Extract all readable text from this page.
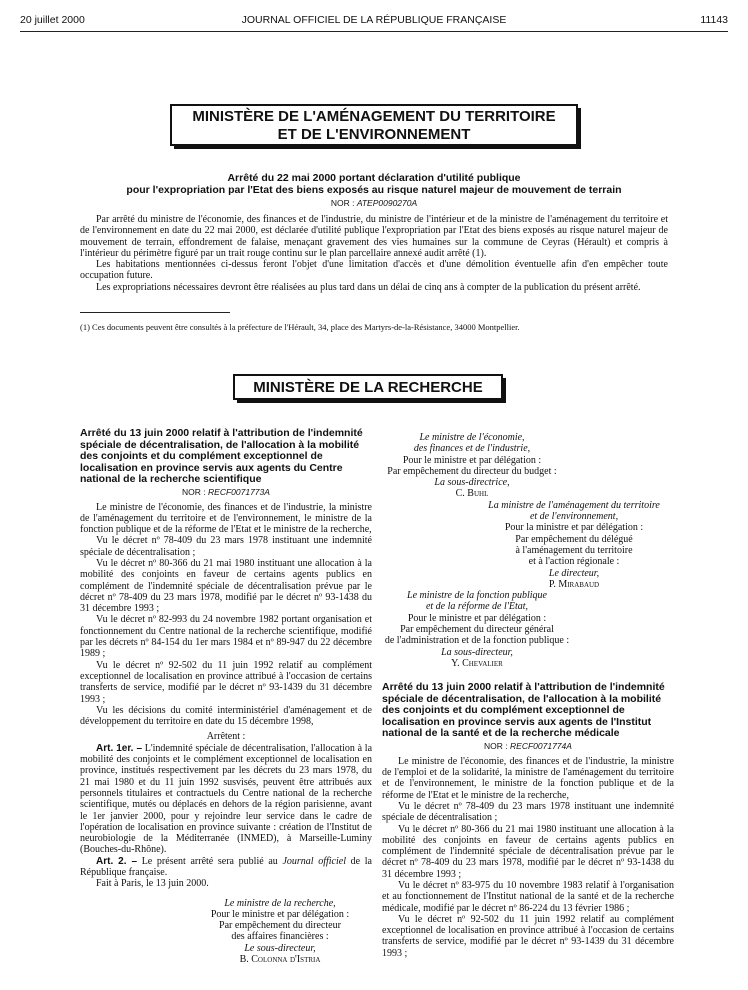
20 juillet 2000	JOURNAL OFFICIEL DE LA RÉPUBLIQUE FRANÇAISE	11143
MINISTÈRE DE L'AMÉNAGEMENT DU TERRITOIRE
ET DE L'ENVIRONNEMENT
Arrêté du 22 mai 2000 portant déclaration d'utilité publique
pour l'expropriation par l'Etat des biens exposés au risque naturel majeur de mouvement de terrain
NOR : ATEP0090270A

Par arrêté du ministre de l'économie, des finances et de l'industrie, du ministre de l'intérieur et de la ministre de l'aménagement du territoire et de l'environnement en date du 22 mai 2000, est déclarée d'utilité publique l'expropriation par l'Etat des biens exposés au risque naturel majeur de mouvement de terrain, effondrement de falaise, menaçant gravement des vies humaines sur la commune de Ceyras (Hérault) et compris à l'intérieur du périmètre figuré par un trait rouge continu sur le plan parcellaire annexé audit arrêté (1).

Les habitations mentionnées ci-dessus feront l'objet d'une limitation d'accès et d'une démolition éventuelle afin d'en empêcher toute occupation future.

Les expropriations nécessaires devront être réalisées au plus tard dans un délai de cinq ans à compter de la publication du présent arrêté.

(1) Ces documents peuvent être consultés à la préfecture de l'Hérault, 34, place des Martyrs-de-la-Résistance, 34000 Montpellier.
MINISTÈRE DE LA RECHERCHE
Arrêté du 13 juin 2000 relatif à l'attribution de l'indemnité spéciale de décentralisation, de l'allocation à la mobilité des conjoints et du complément exceptionnel de localisation en province servis aux agents du Centre national de la recherche scientifique
NOR : RECF0071773A

Le ministre de l'économie, des finances et de l'industrie, la ministre de l'aménagement du territoire et de l'environnement, le ministre de la fonction publique et de la réforme de l'Etat et le ministre de la recherche,

Vu le décret nº 78-409 du 23 mars 1978 instituant une indemnité spéciale de décentralisation ;

Vu le décret nº 80-366 du 21 mai 1980 instituant une allocation à la mobilité des conjoints en faveur de certains agents publics en complément de l'indemnité spéciale de décentralisation prévue par le décret nº 78-409 du 23 mars 1978, modifié par le décret nº 93-1438 du 31 décembre 1993 ;

Vu le décret nº 82-993 du 24 novembre 1982 portant organisation et fonctionnement du Centre national de la recherche scientifique, modifié par les décrets nº 84-154 du 1er mars 1984 et nº 89-947 du 22 décembre 1989 ;

Vu le décret nº 92-502 du 11 juin 1992 relatif au complément exceptionnel de localisation en province attribué à l'occasion de certains transferts de service, modifié par le décret nº 93-1439 du 31 décembre 1993 ;

Vu les décisions du comité interministériel d'aménagement et de développement du territoire en date du 15 décembre 1998,

Arrêtent :

Art. 1er. – L'indemnité spéciale de décentralisation, l'allocation à la mobilité des conjoints et le complément exceptionnel de localisation en province, institués respectivement par les décrets du 23 mars 1978, du 21 mai 1980 et du 11 juin 1992 susvisés, peuvent être attribués aux personnels titulaires et contractuels du Centre national de la recherche scientifique, mutés ou déplacés en dehors de la région parisienne, avant le 1er janvier 2000, pour y rejoindre leur service dans le cadre de l'opération de localisation en province suivante : création de l'Institut de neurobiologie de la Méditerranée (INMED), à Marseille-Luminy (Bouches-du-Rhône).

Art. 2. – Le présent arrêté sera publié au Journal officiel de la République française.

Fait à Paris, le 13 juin 2000.

Le ministre de la recherche,
Pour le ministre et par délégation :
Par empêchement du directeur
des affaires financières :
Le sous-directeur,
B. Colonna d'Istria
Le ministre de l'économie,
des finances et de l'industrie,
Pour le ministre et par délégation :
Par empêchement du directeur du budget :
La sous-directrice,
C. Buhl
La ministre de l'aménagement du territoire
et de l'environnement,
Pour la ministre et par délégation :
Par empêchement du délégué
à l'aménagement du territoire
et à l'action régionale :
Le directeur,
P. Mirabaud
Le ministre de la fonction publique
et de la réforme de l'Etat,
Pour le ministre et par délégation :
Par empêchement du directeur général
de l'administration et de la fonction publique :
La sous-directeur,
Y. Chevalier
Arrêté du 13 juin 2000 relatif à l'attribution de l'indemnité spéciale de décentralisation, de l'allocation à la mobilité des conjoints et du complément exceptionnel de localisation en province servis aux agents de l'Institut national de la santé et de la recherche médicale
NOR : RECF0071774A

Le ministre de l'économie, des finances et de l'industrie, la ministre de l'emploi et de la solidarité, la ministre de l'aménagement du territoire et de l'environnement, le ministre de la fonction publique et de la réforme de l'Etat et le ministre de la recherche,

Vu le décret nº 78-409 du 23 mars 1978 instituant une indemnité spéciale de décentralisation ;

Vu le décret nº 80-366 du 21 mai 1980 instituant une allocation à la mobilité des conjoints en faveur de certains agents publics en complément de l'indemnité spéciale de décentralisation prévue par le décret nº 78-409 du 23 mars 1978, modifié par le décret nº 93-1438 du 31 décembre 1993 ;

Vu le décret nº 83-975 du 10 novembre 1983 relatif à l'organisation et au fonctionnement de l'Institut national de la santé et de la recherche médicale, modifié par le décret nº 86-224 du 13 février 1986 ;

Vu le décret nº 92-502 du 11 juin 1992 relatif au complément exceptionnel de localisation en province attribué à l'occasion de certains transferts de service, modifié par le décret nº 93-1439 du 31 décembre 1993 ;
